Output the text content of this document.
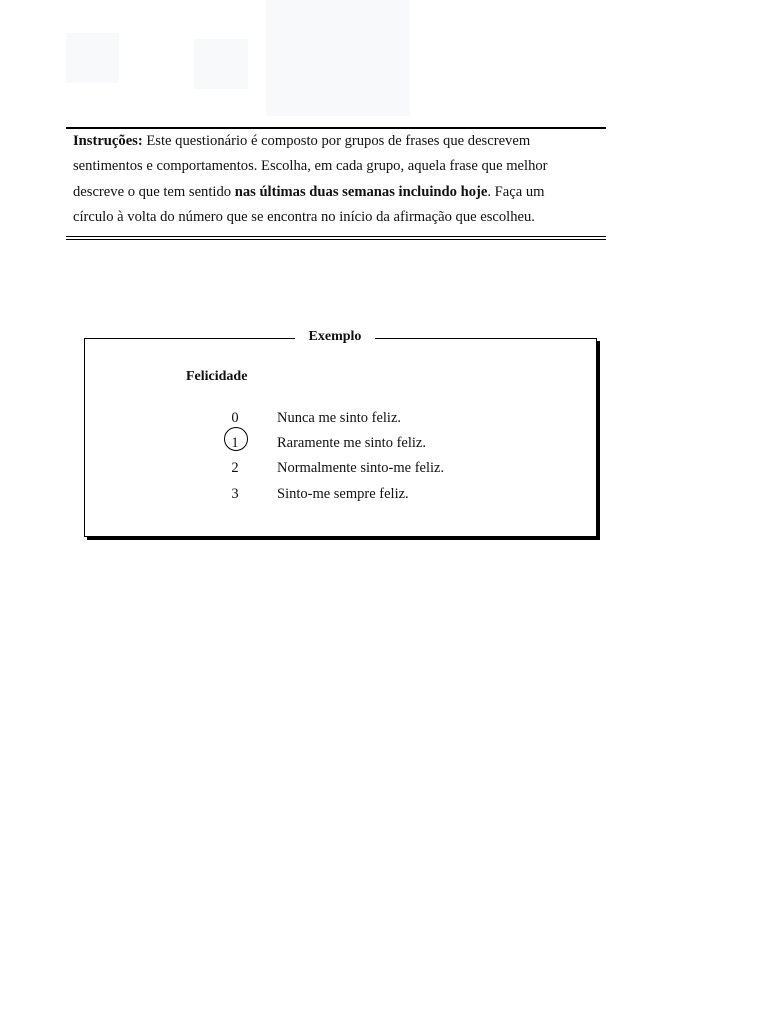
Instruções: Este questionário é composto por grupos de frases que descrevem
sentimentos e comportamentos. Escolha, em cada grupo, aquela frase que melhor
descreve o que tem sentido nas últimas duas semanas incluindo hoje. Faça um
círculo à volta do número que se encontra no início da afirmação que escolheu.
Exemplo
Felicidade
0	Nunca me sinto feliz.
1	Raramente me sinto feliz.
2	Normalmente sinto-me feliz.
3	Sinto-me sempre feliz.
